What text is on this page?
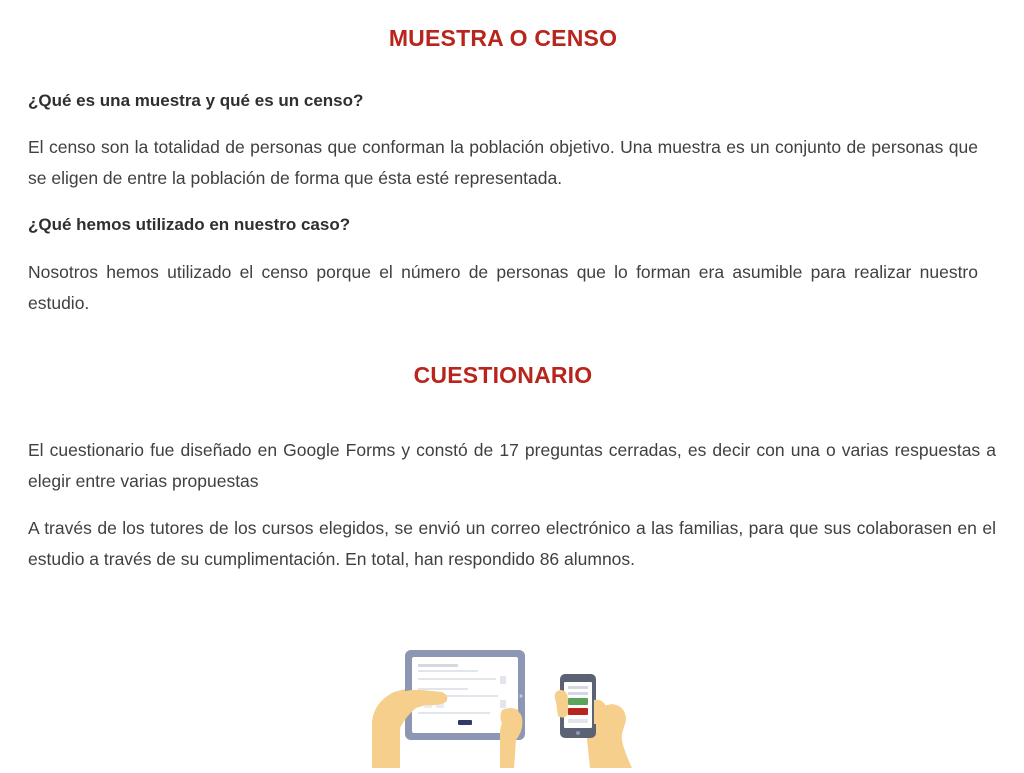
MUESTRA O CENSO

¿Qué es una muestra y qué es un censo?

El censo son la totalidad de personas que conforman la población objetivo. Una muestra es un conjunto de personas que se eligen de entre la población de forma que ésta esté representada.

¿Qué hemos utilizado en nuestro caso?

Nosotros hemos utilizado el censo porque el número de personas que lo forman era asumible para realizar nuestro estudio.

CUESTIONARIO

El cuestionario fue diseñado en Google Forms y constó de 17 preguntas cerradas, es decir con una o varias respuestas a elegir entre varias propuestas

A través de los tutores de los cursos elegidos, se envió un correo electrónico a las familias, para que sus colaborasen en el estudio a través de su cumplimentación. En total, han respondido 86 alumnos.
